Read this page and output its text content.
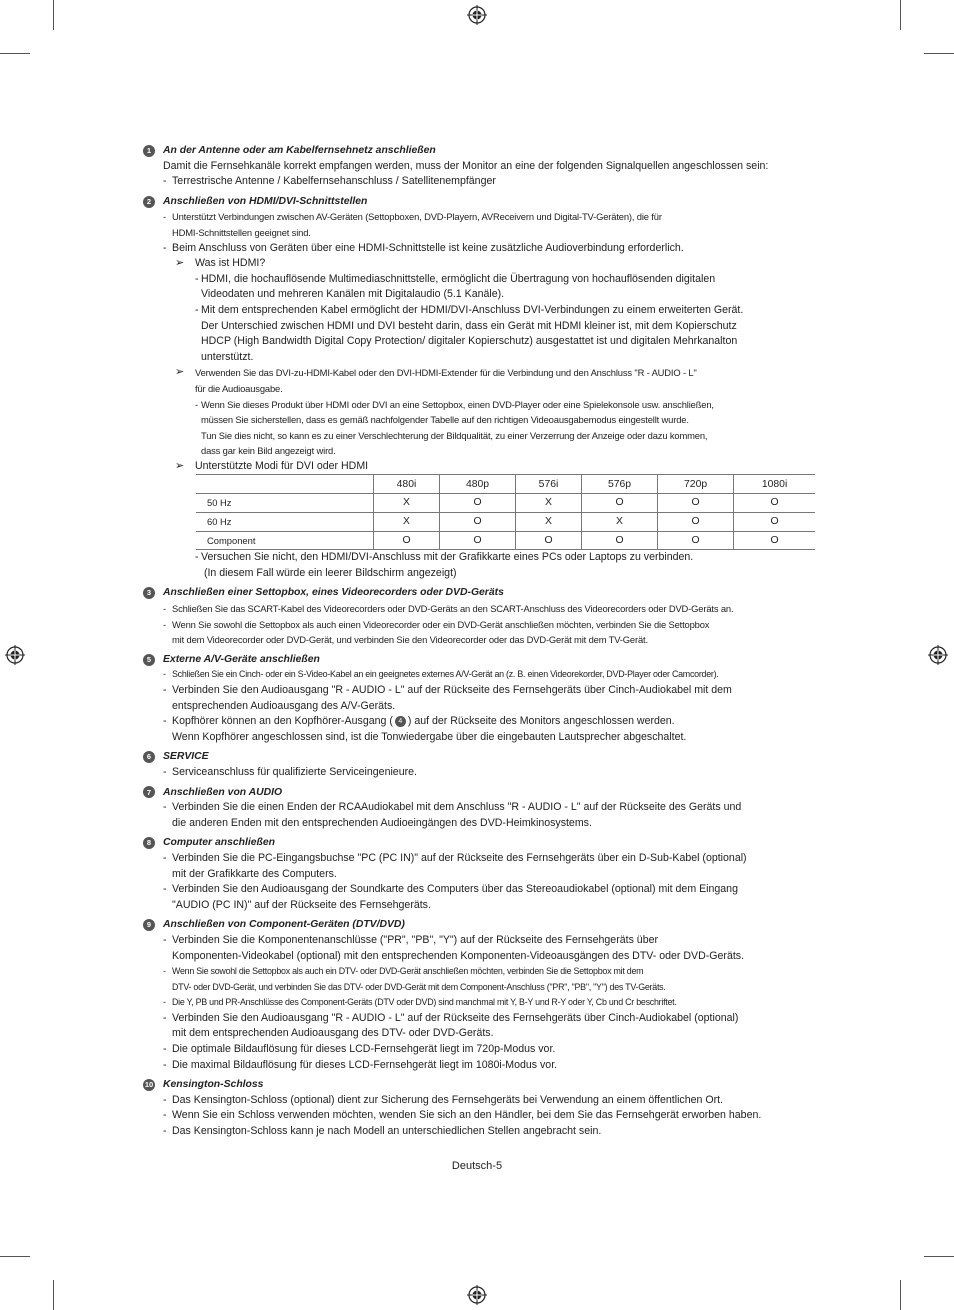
1	An der Antenne oder am Kabelfernsehnetz anschließen
Damit die Fernsehkanäle korrekt empfangen werden, muss der Monitor an eine der folgenden Signalquellen angeschlossen sein:
- Terrestrische Antenne / Kabelfernsehanschluss / Satellitenempfänger
2	Anschließen von HDMI/DVI-Schnittstellen
- Unterstützt Verbindungen zwischen AV-Geräten (Settopboxen, DVD-Playern, AVReceivern und Digital-TV-Geräten), die für
HDMI-Schnittstellen geeignet sind.
- Beim Anschluss von Geräten über eine HDMI-Schnittstelle ist keine zusätzliche Audioverbindung erforderlich.
➢	Was ist HDMI?
- HDMI, die hochauflösende Multimediaschnittstelle, ermöglicht die Übertragung von hochauflösenden digitalen
Videodaten und mehreren Kanälen mit Digitalaudio (5.1 Kanäle).
- Mit dem entsprechenden Kabel ermöglicht der HDMI/DVI-Anschluss DVI-Verbindungen zu einem erweiterten Gerät.
Der Unterschied zwischen HDMI und DVI besteht darin, dass ein Gerät mit HDMI kleiner ist, mit dem Kopierschutz
HDCP (High Bandwidth Digital Copy Protection/ digitaler Kopierschutz) ausgestattet ist und digitalen Mehrkanalton
unterstützt.
➢	Verwenden Sie das DVI-zu-HDMI-Kabel oder den DVI-HDMI-Extender für die Verbindung und den Anschluss "R - AUDIO - L"
für die Audioausgabe.
- Wenn Sie dieses Produkt über HDMI oder DVI an eine Settopbox, einen DVD-Player oder eine Spielekonsole usw. anschließen,
müssen Sie sicherstellen, dass es gemäß nachfolgender Tabelle auf den richtigen Videoausgabemodus eingestellt wurde.
Tun Sie dies nicht, so kann es zu einer Verschlechterung der Bildqualität, zu einer Verzerrung der Anzeige oder dazu kommen,
dass gar kein Bild angezeigt wird.
➢	Unterstützte Modi für DVI oder HDMI
	480i	480p	576i	576p	720p	1080i
50 Hz	X	O	X	O	O	O
60 Hz	X	O	X	X	O	O
Component	O	O	O	O	O	O
- Versuchen Sie nicht, den HDMI/DVI-Anschluss mit der Grafikkarte eines PCs oder Laptops zu verbinden.
(In diesem Fall würde ein leerer Bildschirm angezeigt)
3	Anschließen einer Settopbox, eines Videorecorders oder DVD-Geräts
- Schließen Sie das SCART-Kabel des Videorecorders oder DVD-Geräts an den SCART-Anschluss des Videorecorders oder DVD-Geräts an.
- Wenn Sie sowohl die Settopbox als auch einen Videorecorder oder ein DVD-Gerät anschließen möchten, verbinden Sie die Settopbox
mit dem Videorecorder oder DVD-Gerät, und verbinden Sie den Videorecorder oder das DVD-Gerät mit dem TV-Gerät.
5	Externe A/V-Geräte anschließen
- Schließen Sie ein Cinch- oder ein S-Video-Kabel an ein geeignetes externes A/V-Gerät an (z. B. einen Videorekorder, DVD-Player oder Camcorder).
- Verbinden Sie den Audioausgang "R - AUDIO - L" auf der Rückseite des Fernsehgeräts über Cinch-Audiokabel mit dem
entsprechenden Audioausgang des A/V-Geräts.
- Kopfhörer können an den Kopfhörer-Ausgang ( 4 ) auf der Rückseite des Monitors angeschlossen werden.
Wenn Kopfhörer angeschlossen sind, ist die Tonwiedergabe über die eingebauten Lautsprecher abgeschaltet.
6	SERVICE
- Serviceanschluss für qualifizierte Serviceingenieure.
7	Anschließen von AUDIO
- Verbinden Sie die einen Enden der RCAAudiokabel mit dem Anschluss "R - AUDIO - L" auf der Rückseite des Geräts und
die anderen Enden mit den entsprechenden Audioeingängen des DVD-Heimkinosystems.
8	Computer anschließen
- Verbinden Sie die PC-Eingangsbuchse "PC (PC IN)" auf der Rückseite des Fernsehgeräts über ein D-Sub-Kabel (optional)
mit der Grafikkarte des Computers.
- Verbinden Sie den Audioausgang der Soundkarte des Computers über das Stereoaudiokabel (optional) mit dem Eingang
"AUDIO (PC IN)" auf der Rückseite des Fernsehgeräts.
9	Anschließen von Component-Geräten (DTV/DVD)
- Verbinden Sie die Komponentenanschlüsse ("PR", "PB", "Y") auf der Rückseite des Fernsehgeräts über
Komponenten-Videokabel (optional) mit den entsprechenden Komponenten-Videoausgängen des DTV- oder DVD-Geräts.
- Wenn Sie sowohl die Settopbox als auch ein DTV- oder DVD-Gerät anschließen möchten, verbinden Sie die Settopbox mit dem
DTV- oder DVD-Gerät, und verbinden Sie das DTV- oder DVD-Gerät mit dem Component-Anschluss ("PR", "PB", "Y") des TV-Geräts.
- Die Y, PB und PR-Anschlüsse des Component-Geräts (DTV oder DVD) sind manchmal mit Y, B-Y und R-Y oder Y, Cb und Cr beschriftet.
- Verbinden Sie den Audioausgang "R - AUDIO - L" auf der Rückseite des Fernsehgeräts über Cinch-Audiokabel (optional)
mit dem entsprechenden Audioausgang des DTV- oder DVD-Geräts.
- Die optimale Bildauflösung für dieses LCD-Fernsehgerät liegt im 720p-Modus vor.
- Die maximal Bildauflösung für dieses LCD-Fernsehgerät liegt im 1080i-Modus vor.
10 Kensington-Schloss
- Das Kensington-Schloss (optional) dient zur Sicherung des Fernsehgeräts bei Verwendung an einem öffentlichen Ort.
- Wenn Sie ein Schloss verwenden möchten, wenden Sie sich an den Händler, bei dem Sie das Fernsehgerät erworben haben.
- Das Kensington-Schloss kann je nach Modell an unterschiedlichen Stellen angebracht sein.
Deutsch-5
